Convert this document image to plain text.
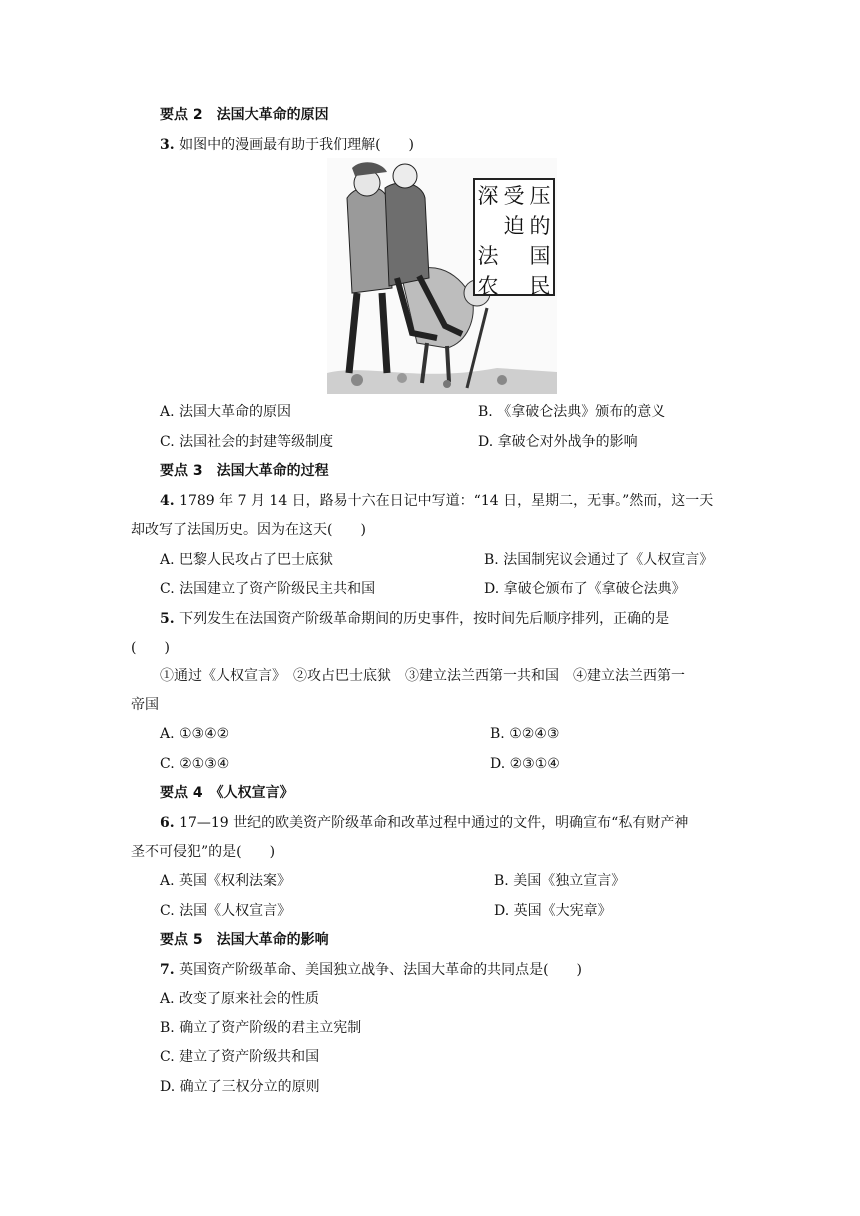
要点 2　法国大革命的原因
3. 如图中的漫画最有助于我们理解(　　)
深 受 压
迫 的
法 国
农 民
A. 法国大革命的原因	B. 《拿破仑法典》颁布的意义
C. 法国社会的封建等级制度	D. 拿破仑对外战争的影响
要点 3　法国大革命的过程
4. 1789 年 7 月 14 日，路易十六在日记中写道：“14 日，星期二，无事。”然而，这一天
却改写了法国历史。因为在这天(　　)
A. 巴黎人民攻占了巴士底狱	B. 法国制宪议会通过了《人权宣言》
C. 法国建立了资产阶级民主共和国	D. 拿破仑颁布了《拿破仑法典》
5. 下列发生在法国资产阶级革命期间的历史事件，按时间先后顺序排列，正确的是
(　　)
①通过《人权宣言》　②攻占巴士底狱　③建立法兰西第一共和国　④建立法兰西第一
帝国
A. ①③④②	B. ①②④③
C. ②①③④	D. ②③①④
要点 4　《人权宣言》
6. 17—19 世纪的欧美资产阶级革命和改革过程中通过的文件，明确宣布“私有财产神
圣不可侵犯”的是(　　)
A. 英国《权利法案》	B. 美国《独立宣言》
C. 法国《人权宣言》	D. 英国《大宪章》
要点 5　法国大革命的影响
7. 英国资产阶级革命、美国独立战争、法国大革命的共同点是(　　)
A. 改变了原来社会的性质
B. 确立了资产阶级的君主立宪制
C. 建立了资产阶级共和国
D. 确立了三权分立的原则
